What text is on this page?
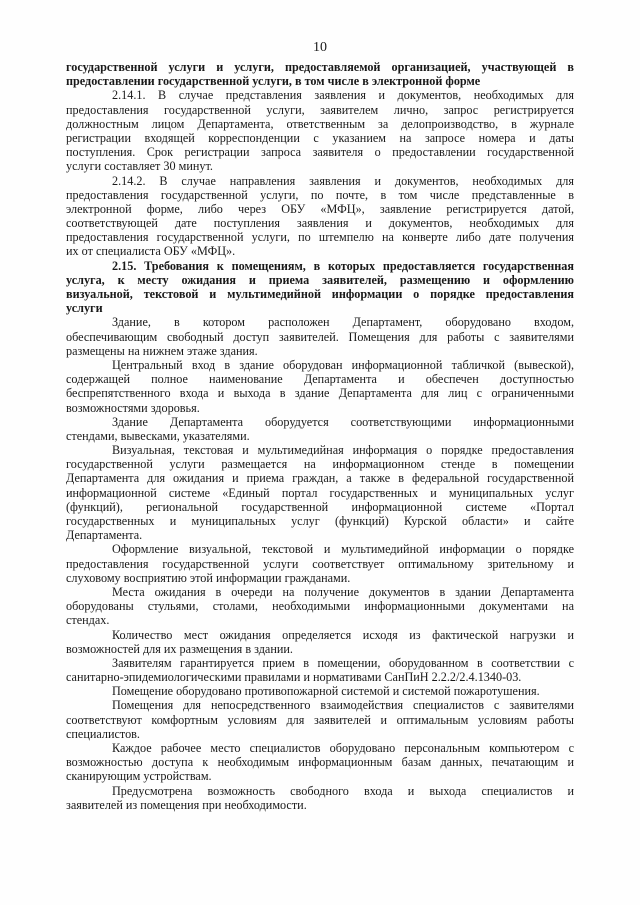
10
государственной услуги и услуги, предоставляемой организацией, участвующей в
предоставлении государственной услуги, в том числе в электронной форме
2.14.1. В случае представления заявления и документов, необходимых для
предоставления государственной услуги, заявителем лично, запрос регистрируется
должностным лицом Департамента, ответственным за делопроизводство, в журнале
регистрации входящей корреспонденции с указанием на запросе номера и даты
поступления. Срок регистрации запроса заявителя о предоставлении государственной
услуги составляет 30 минут.
2.14.2. В случае направления заявления и документов, необходимых для
предоставления государственной услуги, по почте, в том числе представленные в
электронной форме, либо через ОБУ «МФЦ», заявление регистрируется датой,
соответствующей дате поступления заявления и документов, необходимых для
предоставления государственной услуги, по штемпелю на конверте либо дате получения
их от специалиста ОБУ «МФЦ».
2.15. Требования к помещениям, в которых предоставляется государственная
услуга, к месту ожидания и приема заявителей, размещению и оформлению
визуальной, текстовой и мультимедийной информации о порядке предоставления
услуги
Здание, в котором расположен Департамент, оборудовано входом,
обеспечивающим свободный доступ заявителей. Помещения для работы с заявителями
размещены на нижнем этаже здания.
Центральный вход в здание оборудован информационной табличкой (вывеской),
содержащей полное наименование Департамента и обеспечен доступностью
беспрепятственного входа и выхода в здание Департамента для лиц с ограниченными
возможностями здоровья.
Здание Департамента оборудуется соответствующими информационными
стендами, вывесками, указателями.
Визуальная, текстовая и мультимедийная информация о порядке предоставления
государственной услуги размещается на информационном стенде в помещении
Департамента для ожидания и приема граждан, а также в федеральной государственной
информационной системе «Единый портал государственных и муниципальных услуг
(функций), региональной государственной информационной системе «Портал
государственных и муниципальных услуг (функций) Курской области» и сайте
Департамента.
Оформление визуальной, текстовой и мультимедийной информации о порядке
предоставления государственной услуги соответствует оптимальному зрительному и
слуховому восприятию этой информации гражданами.
Места ожидания в очереди на получение документов в здании Департамента
оборудованы стульями, столами, необходимыми информационными документами на
стендах.
Количество мест ожидания определяется исходя из фактической нагрузки и
возможностей для их размещения в здании.
Заявителям гарантируется прием в помещении, оборудованном в соответствии с
санитарно-эпидемиологическими правилами и нормативами СанПиН 2.2.2/2.4.1340-03.
Помещение оборудовано противопожарной системой и системой пожаротушения.
Помещения для непосредственного взаимодействия специалистов с заявителями
соответствуют комфортным условиям для заявителей и оптимальным условиям работы
специалистов.
Каждое рабочее место специалистов оборудовано персональным компьютером с
возможностью доступа к необходимым информационным базам данных, печатающим и
сканирующим устройствам.
Предусмотрена возможность свободного входа и выхода специалистов и
заявителей из помещения при необходимости.
